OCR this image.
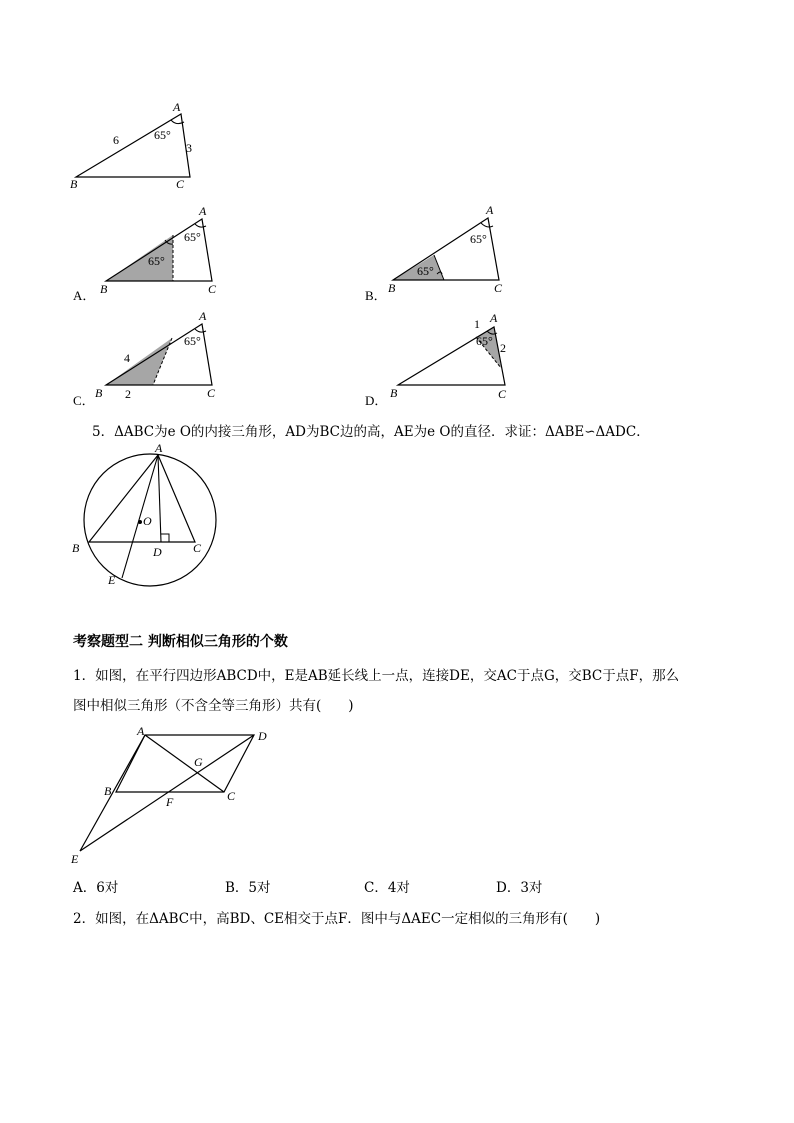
A
B	C
6
3
65°
A．
A
B	C
65°
65°
B．
A
B	C
65°
65°
C．
A
B	C
65°
4
2	D．
A
B	C
65°
1
2
5．ΔABC为e O的内接三角形，AD为BC边的高，AE为e O的直径．求证：ΔABE∽ΔADC．
A
B	C
D
E
O
考察题型二 判断相似三角形的个数
1．如图，在平行四边形ABCD中，E是AB延长线上一点，连接DE，交AC于点G，交BC于点F，那么
图中相似三角形（不含全等三角形）共有(　　)
A	D
B	C
G
F
E
A．6对	B．5对	C．4对	D．3对
2．如图，在ΔABC中，高BD、CE相交于点F．图中与ΔAEC一定相似的三角形有(　　)
